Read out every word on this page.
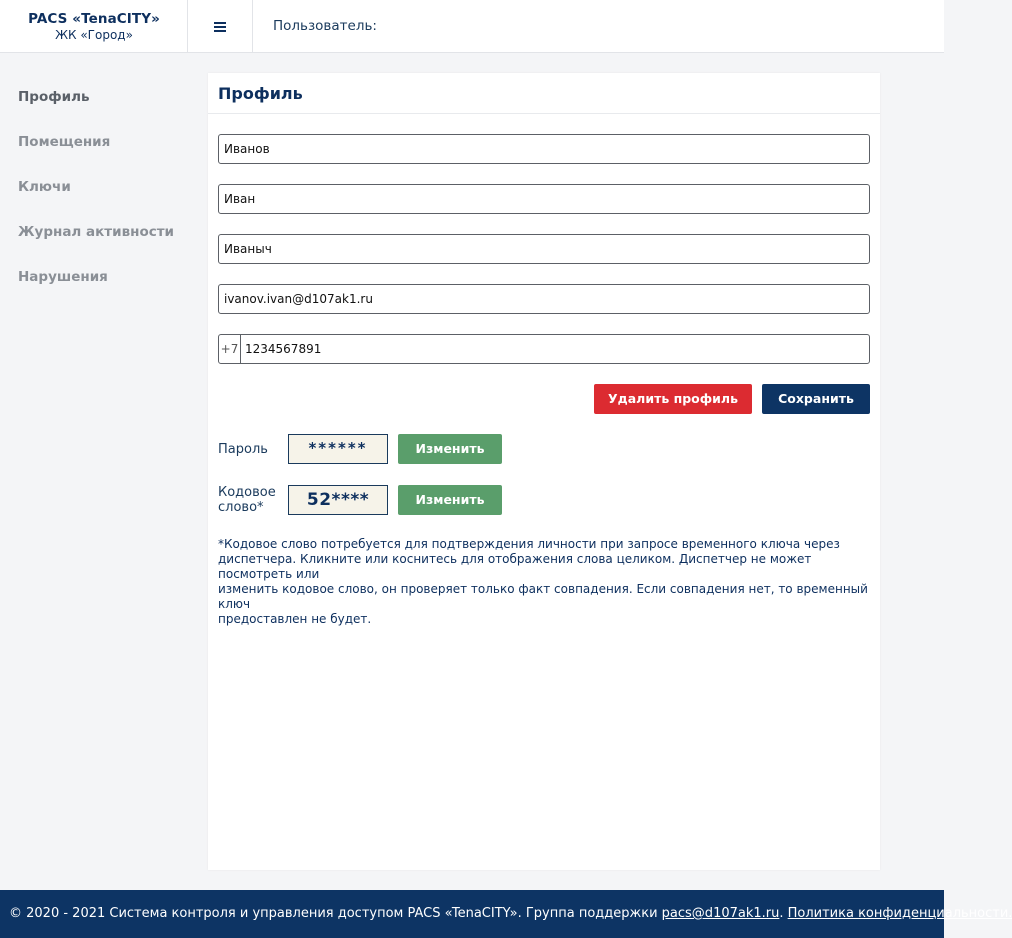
PACS «TenaCITY»
ЖК «Город»
Пользователь:
Профиль
Помещения
Ключи
Журнал активности
Нарушения
Профиль
Иванов
Иван
Иваныч
ivanov.ivan@d107ak1.ru
+7
1234567891
Удалить профиль	Сохранить
Пароль	******	Изменить
Кодовое
слово*	52****	Изменить
*Кодовое слово потребуется для подтверждения личности при запросе временного ключа через
диспетчера. Кликните или коснитесь для отображения слова целиком. Диспетчер не может посмотреть или
изменить кодовое слово, он проверяет только факт совпадения. Если совпадения нет, то временный ключ
предоставлен не будет.
© 2020 - 2021 Система контроля и управления доступом PACS «TenaCITY». Группа поддержки pacs@d107ak1.ru. Политика конфиденциальности.
